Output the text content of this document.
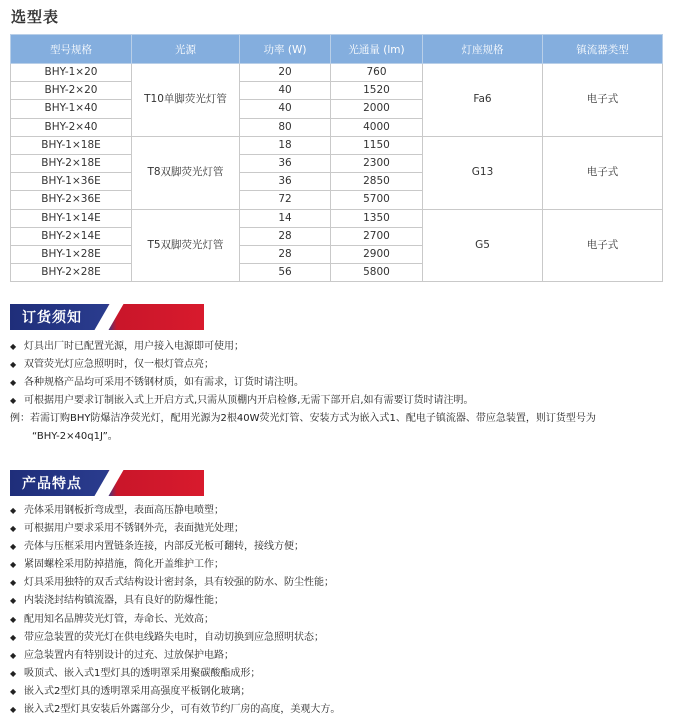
选型表
型号规格	光源	功率 (W)	光通量 (lm)	灯座规格	镇流器类型
BHY-1×20	T10单脚荧光灯管	20	760	Fa6	电子式
BHY-2×20		40	1520		
BHY-1×40		40	2000		
BHY-2×40		80	4000		
BHY-1×18E	T8双脚荧光灯管	18	1150	G13	电子式
BHY-2×18E		36	2300		
BHY-1×36E		36	2850		
BHY-2×36E		72	5700		
BHY-1×14E	T5双脚荧光灯管	14	1350	G5	电子式
BHY-2×14E		28	2700		
BHY-1×28E		28	2900		
BHY-2×28E		56	5800		
订货须知
◆ 灯具出厂时已配置光源，用户接入电源即可使用；
◆ 双管荧光灯应急照明时，仅一根灯管点亮；
◆ 各种规格产品均可采用不锈钢材质，如有需求，订货时请注明。
◆ 可根据用户要求订制嵌入式上开启方式,只需从顶棚内开启检修,无需下部开启,如有需要订货时请注明。
例：若需订购BHY防爆洁净荧光灯，配用光源为2根40W荧光灯管、安装方式为嵌入式1、配电子镇流器、带应急装置，则订货型号为
“BHY-2×40q1J”。
产品特点
◆ 壳体采用钢板折弯成型，表面高压静电喷塑；
◆ 可根据用户要求采用不锈钢外壳，表面抛光处理；
◆ 壳体与压框采用内置链条连接，内部反光板可翻转，接线方便；
◆ 紧固螺栓采用防掉措施，简化开盖维护工作；
◆ 灯具采用独特的双舌式结构设计密封条，具有较强的防水、防尘性能；
◆ 内装浇封结构镇流器，具有良好的防爆性能；
◆ 配用知名品牌荧光灯管，寿命长、光效高；
◆ 带应急装置的荧光灯在供电线路失电时，自动切换到应急照明状态；
◆ 应急装置内有特别设计的过充、过放保护电路；
◆ 吸顶式、嵌入式1型灯具的透明罩采用聚碳酸酯成形；
◆ 嵌入式2型灯具的透明罩采用高强度平板钢化玻璃；
◆ 嵌入式2型灯具安装后外露部分少，可有效节约厂房的高度，美观大方。
